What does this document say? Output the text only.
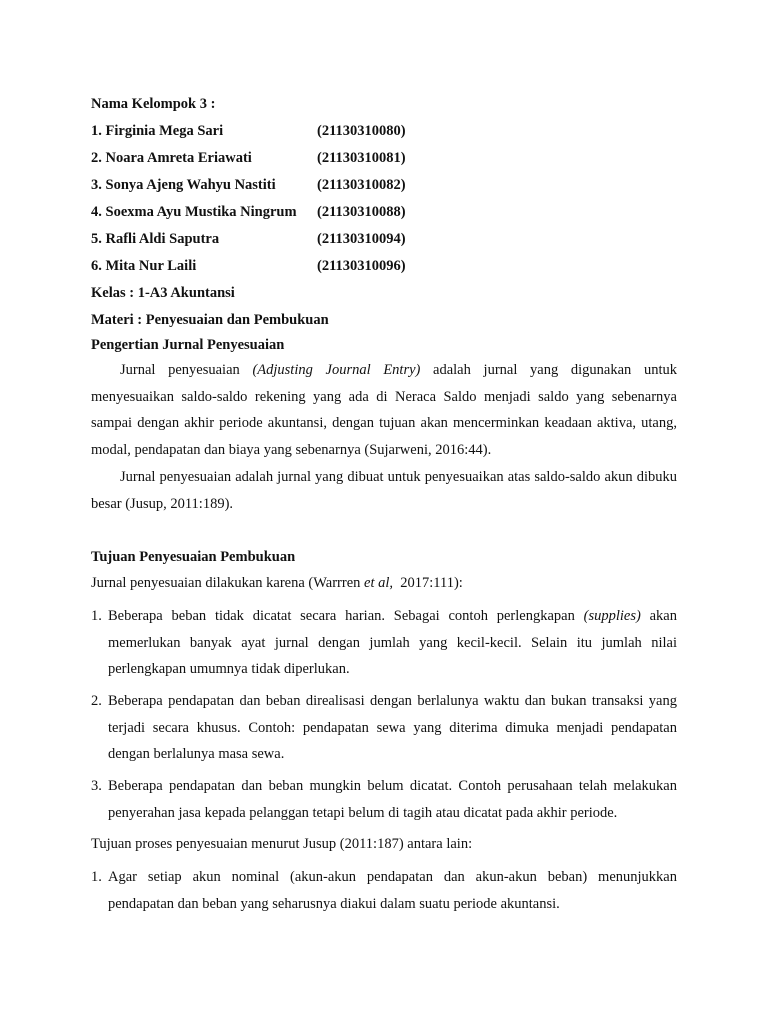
Nama Kelompok 3 :
1. Firginia Mega Sari	(21130310080)
2. Noara Amreta Eriawati	(21130310081)
3. Sonya Ajeng Wahyu Nastiti	(21130310082)
4. Soexma Ayu Mustika Ningrum (21130310088)
5. Rafli Aldi Saputra	(21130310094)
6. Mita Nur Laili	(21130310096)
Kelas : 1-A3 Akuntansi
Materi : Penyesuaian dan Pembukuan
Pengertian Jurnal Penyesuaian
Jurnal penyesuaian (Adjusting Journal Entry) adalah jurnal yang digunakan untuk menyesuaikan saldo-saldo rekening yang ada di Neraca Saldo menjadi saldo yang sebenarnya sampai dengan akhir periode akuntansi, dengan tujuan akan mencerminkan keadaan aktiva, utang, modal, pendapatan dan biaya yang sebenarnya (Sujarweni, 2016:44).
Jurnal penyesuaian adalah jurnal yang dibuat untuk penyesuaikan atas saldo-saldo akun dibuku besar (Jusup, 2011:189).
Tujuan Penyesuaian Pembukuan
Jurnal penyesuaian dilakukan karena (Warrren et al,  2017:111):
1. Beberapa beban tidak dicatat secara harian. Sebagai contoh perlengkapan (supplies) akan memerlukan banyak ayat jurnal dengan jumlah yang kecil-kecil. Selain itu jumlah nilai perlengkapan umumnya tidak diperlukan.
2. Beberapa pendapatan dan beban direalisasi dengan berlalunya waktu dan bukan transaksi yang terjadi secara khusus. Contoh: pendapatan sewa yang diterima dimuka menjadi pendapatan dengan berlalunya masa sewa.
3. Beberapa pendapatan dan beban mungkin belum dicatat. Contoh perusahaan telah melakukan penyerahan jasa kepada pelanggan tetapi belum di tagih atau dicatat pada akhir periode.
Tujuan proses penyesuaian menurut Jusup (2011:187) antara lain:
1. Agar setiap akun nominal (akun-akun pendapatan dan akun-akun beban) menunjukkan pendapatan dan beban yang seharusnya diakui dalam suatu periode akuntansi.
